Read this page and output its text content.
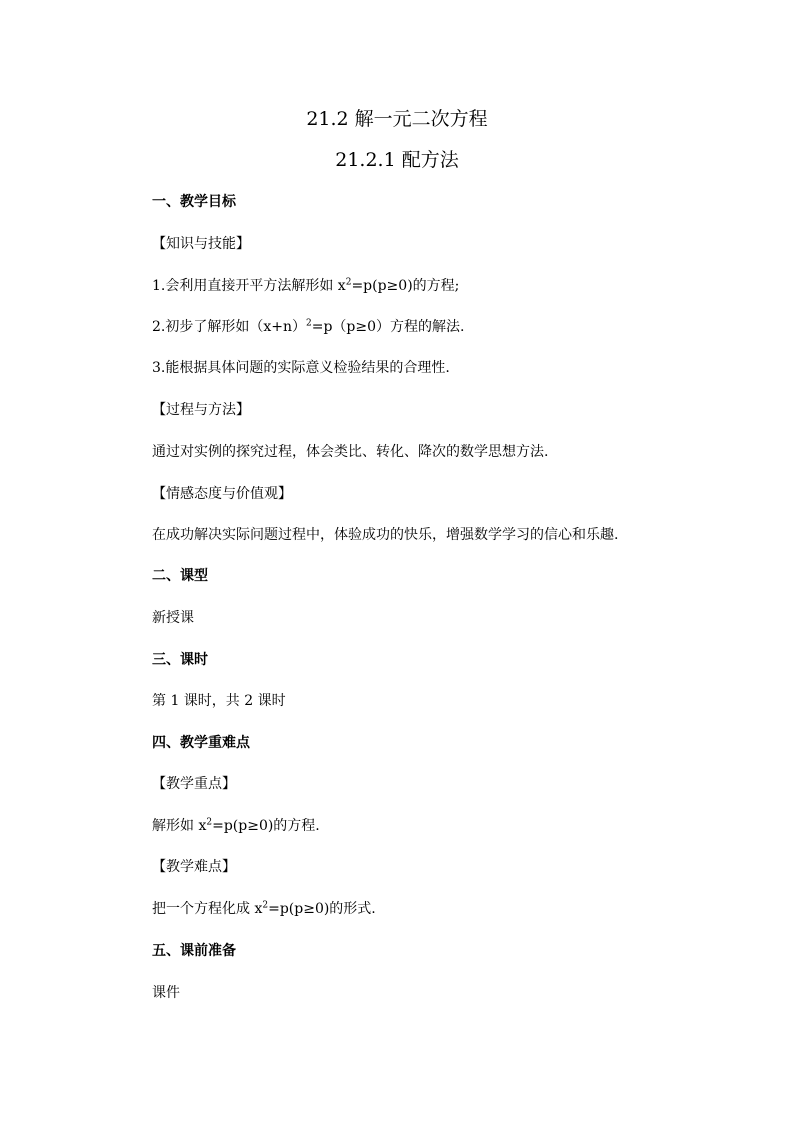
21.2 解一元二次方程
21.2.1 配方法
一、教学目标
【知识与技能】
1.会利用直接开平方法解形如 $x^2=p(p\ge 0)$的方程;
2.初步了解形如$(x+n)^2=p(p\ge 0)$方程的解法.
3.能根据具体问题的实际意义检验结果的合理性.
【过程与方法】
通过对实例的探究过程，体会类比、转化、降次的数学思想方法.
【情感态度与价值观】
在成功解决实际问题过程中，体验成功的快乐，增强数学学习的信心和乐趣.
二、课型
新授课
三、课时
第 1 课时，共 2 课时
四、教学重难点
【教学重点】
解形如 $x^2=p(p\ge 0)$的方程.
【教学难点】
把一个方程化成 $x^2=p(p\ge 0)$的形式.
五、课前准备
课件
